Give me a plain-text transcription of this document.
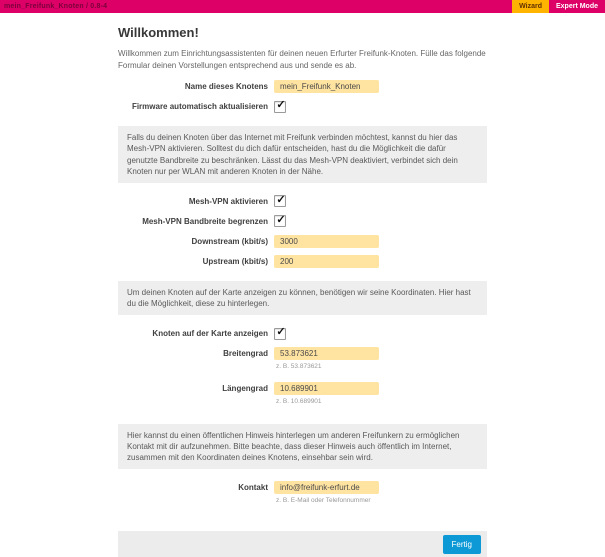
mein_Freifunk_Knoten / 0.8-4	Wizard	Expert Mode
Willkommen!

Willkommen zum Einrichtungsassistenten für deinen neuen Erfurter Freifunk-Knoten. Fülle das folgende Formular deinen Vorstellungen entsprechend aus und sende es ab.

Name dieses Knotens
mein_Freifunk_Knoten
Firmware automatisch aktualisieren ✓
Falls du deinen Knoten über das Internet mit Freifunk verbinden möchtest, kannst du hier das Mesh-VPN aktivieren. Solltest du dich dafür entscheiden, hast du die Möglichkeit die dafür genutzte Bandbreite zu beschränken. Lässt du das Mesh-VPN deaktiviert, verbindet sich dein Knoten nur per WLAN mit anderen Knoten in der Nähe.
Mesh-VPN aktivieren ✓
Mesh-VPN Bandbreite begrenzen ✓
Downstream (kbit/s)
3000
Upstream (kbit/s)
200
Um deinen Knoten auf der Karte anzeigen zu können, benötigen wir seine Koordinaten. Hier hast du die Möglichkeit, diese zu hinterlegen.
Knoten auf der Karte anzeigen ✓
Breitengrad
53.873621
z. B. 53.873621
Längengrad
10.689901
z. B. 10.689901
Hier kannst du einen öffentlichen Hinweis hinterlegen um anderen Freifunkern zu ermöglichen Kontakt mit dir aufzunehmen. Bitte beachte, dass dieser Hinweis auch öffentlich im Internet, zusammen mit den Koordinaten deines Knotens, einsehbar sein wird.
Kontakt
info@freifunk-erfurt.de
z. B. E-Mail oder Telefonnummer
Fertig
